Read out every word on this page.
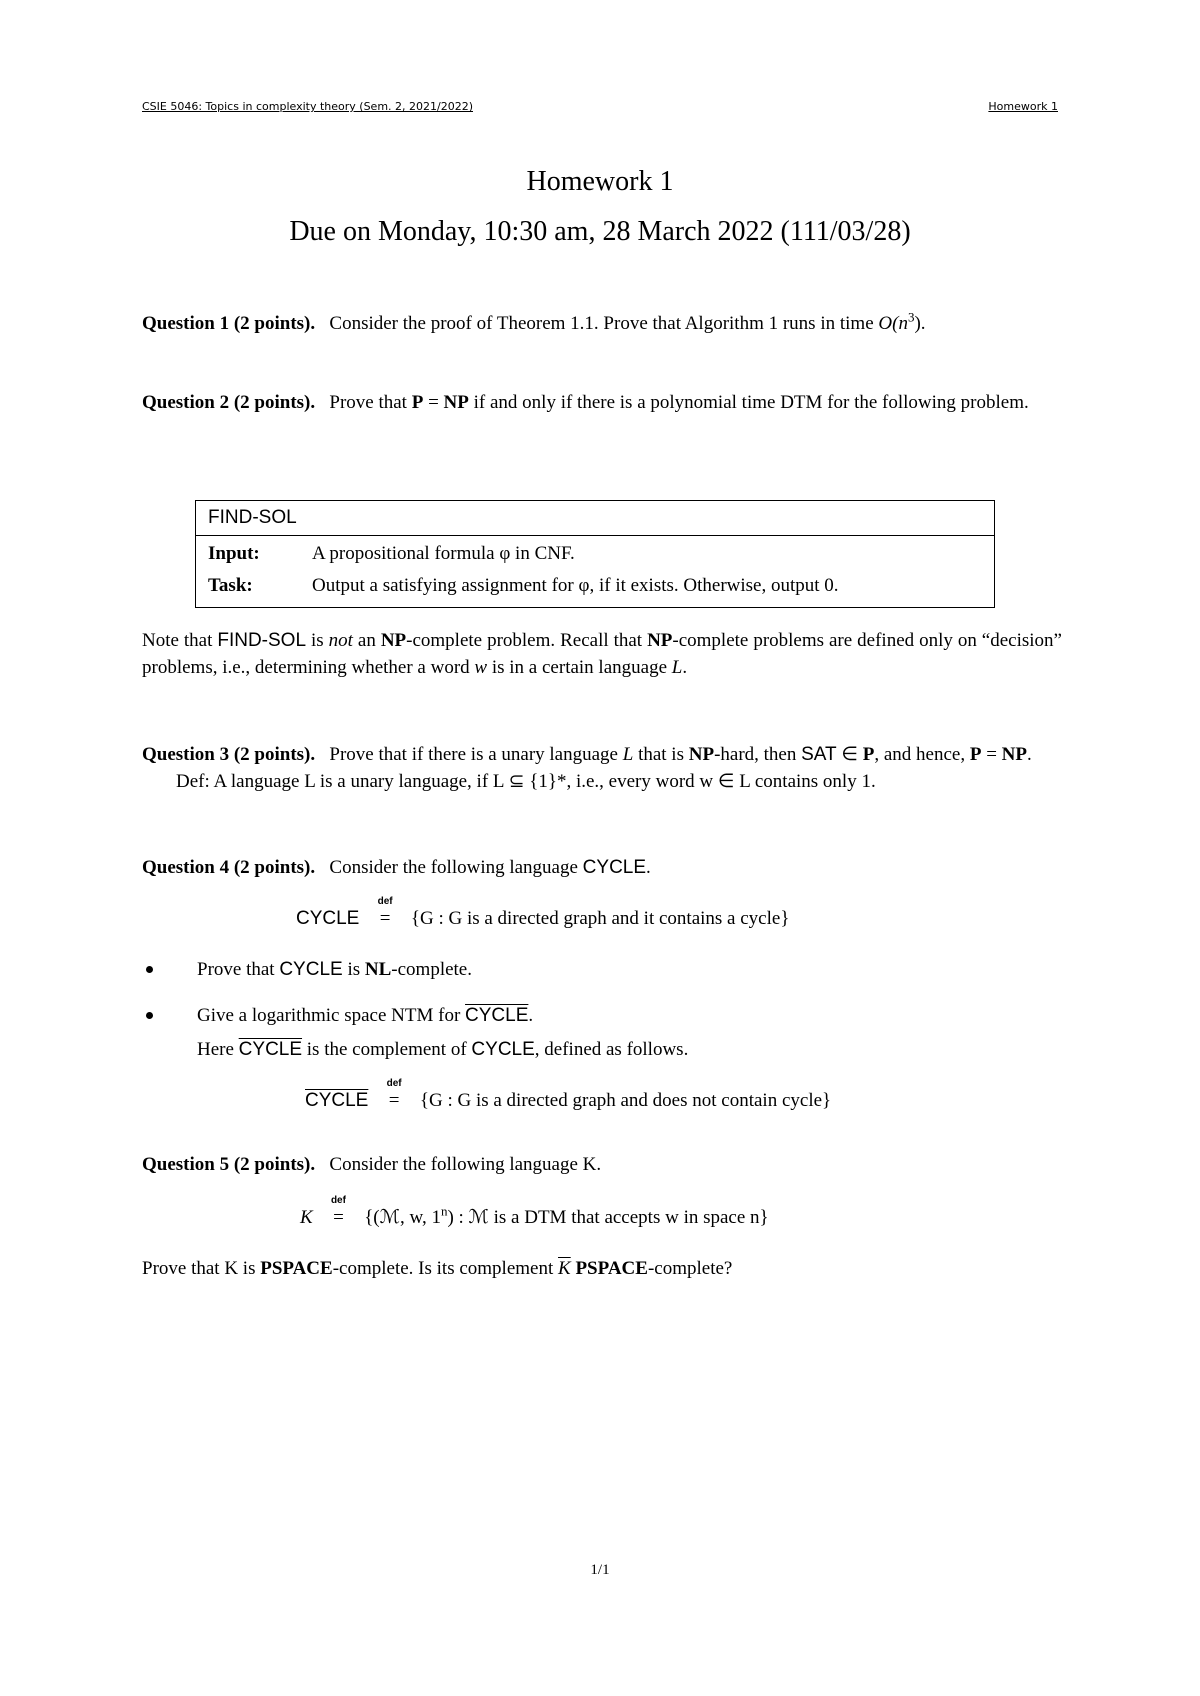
CSIE 5046: Topics in complexity theory (Sem. 2, 2021/2022)	Homework 1
Homework 1
Due on Monday, 10:30 am, 28 March 2022 (111/03/28)
Question 1 (2 points). Consider the proof of Theorem 1.1. Prove that Algorithm 1 runs in time $O(n^3)$.
Question 2 (2 points). Prove that P = NP if and only if there is a polynomial time DTM for the following problem.
FIND-SOL
Input:	A propositional formula φ in CNF.
Task:	Output a satisfying assignment for φ, if it exists. Otherwise, output 0.
Note that FIND-SOL is not an NP-complete problem. Recall that NP-complete problems are defined only on “decision” problems, i.e., determining whether a word w is in a certain language L.
Question 3 (2 points). Prove that if there is a unary language L that is NP-hard, then SAT ∈ P, and hence, P = NP.
Def: A language L is a unary language, if L ⊆ {1}*, i.e., every word w ∈ L contains only 1.
Question 4 (2 points). Consider the following language CYCLE.
CYCLE
def
= {G : G is a directed graph and it contains a cycle}
Prove that CYCLE is NL-complete.
Give a logarithmic space NTM for CYCLE.
Here CYCLE is the complement of CYCLE, defined as follows.
CYCLE
def
= {G : G is a directed graph and does not contain cycle}
Question 5 (2 points). Consider the following language K.
K
def
= {(ℳ, w, 1$^n$) : ℳ is a DTM that accepts w in space n}
Prove that K is PSPACE-complete. Is its complement $\overline{K}$ PSPACE-complete?
1/1
